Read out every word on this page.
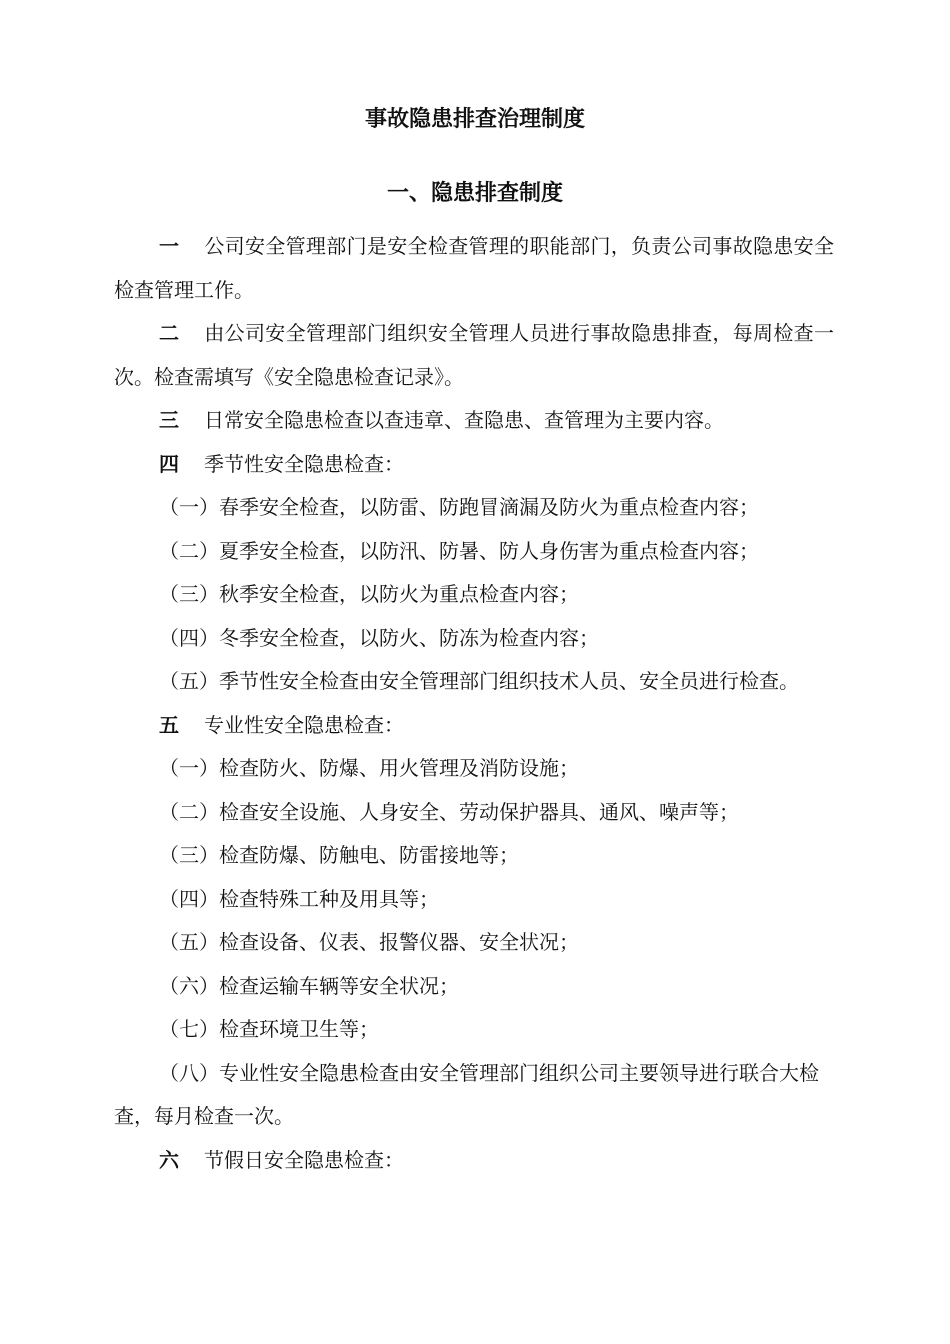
事故隐患排查治理制度
一、隐患排查制度

一 公司安全管理部门是安全检查管理的职能部门，负责公司事故隐患安全检查管理工作。

二 由公司安全管理部门组织安全管理人员进行事故隐患排查，每周检查一次。检查需填写《安全隐患检查记录》。

三 日常安全隐患检查以查违章、查隐患、查管理为主要内容。

四 季节性安全隐患检查：

（一）春季安全检查，以防雷、防跑冒滴漏及防火为重点检查内容；

（二）夏季安全检查，以防汛、防暑、防人身伤害为重点检查内容；

（三）秋季安全检查，以防火为重点检查内容；

（四）冬季安全检查，以防火、防冻为检查内容；

（五）季节性安全检查由安全管理部门组织技术人员、安全员进行检查。

五 专业性安全隐患检查：

（一）检查防火、防爆、用火管理及消防设施；

（二）检查安全设施、人身安全、劳动保护器具、通风、噪声等；

（三）检查防爆、防触电、防雷接地等；

（四）检查特殊工种及用具等；

（五）检查设备、仪表、报警仪器、安全状况；

（六）检查运输车辆等安全状况；

（七）检查环境卫生等；

（八）专业性安全隐患检查由安全管理部门组织公司主要领导进行联合大检查，每月检查一次。

六 节假日安全隐患检查：
